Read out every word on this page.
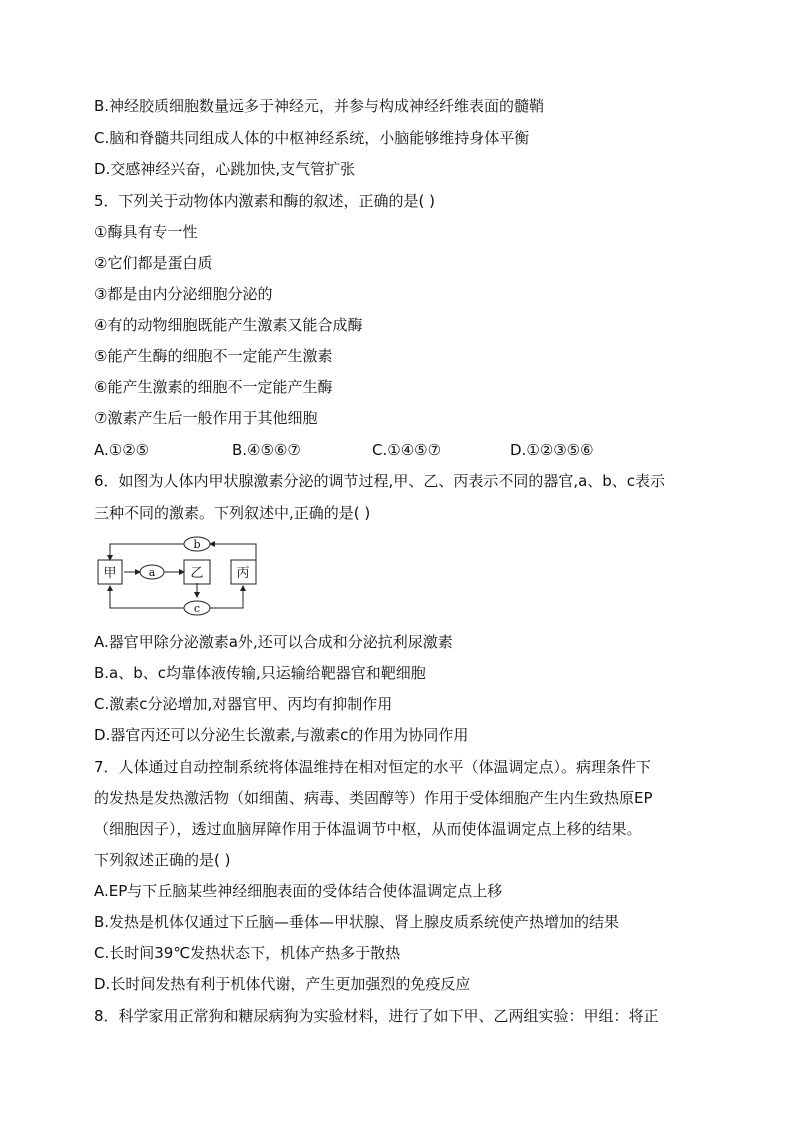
B.神经胶质细胞数量远多于神经元，并参与构成神经纤维表面的髓鞘
C.脑和脊髓共同组成人体的中枢神经系统，小脑能够维持身体平衡
D.交感神经兴奋，心跳加快,支气管扩张
5．下列关于动物体内激素和酶的叙述，正确的是( )
①酶具有专一性
②它们都是蛋白质
③都是由内分泌细胞分泌的
④有的动物细胞既能产生激素又能合成酶
⑤能产生酶的细胞不一定能产生激素
⑥能产生激素的细胞不一定能产生酶
⑦激素产生后一般作用于其他细胞
A.①②⑤	B.④⑤⑥⑦	C.①④⑤⑦	D.①②③⑤⑥
6．如图为人体内甲状腺激素分泌的调节过程,甲、乙、丙表示不同的器官,a、b、c表示
三种不同的激素。下列叙述中,正确的是( )
甲	乙	丙
a
b
c
A.器官甲除分泌激素a外,还可以合成和分泌抗利尿激素
B.a、b、c均靠体液传输,只运输给靶器官和靶细胞
C.激素c分泌增加,对器官甲、丙均有抑制作用
D.器官丙还可以分泌生长激素,与激素c的作用为协同作用
7．人体通过自动控制系统将体温维持在相对恒定的水平（体温调定点）。病理条件下
的发热是发热激活物（如细菌、病毒、类固醇等）作用于受体细胞产生内生致热原EP
（细胞因子），透过血脑屏障作用于体温调节中枢，从而使体温调定点上移的结果。
下列叙述正确的是( )
A.EP与下丘脑某些神经细胞表面的受体结合使体温调定点上移
B.发热是机体仅通过下丘脑—垂体—甲状腺、肾上腺皮质系统使产热增加的结果
C.长时间39℃发热状态下，机体产热多于散热
D.长时间发热有利于机体代谢，产生更加强烈的免疫反应
8．科学家用正常狗和糖尿病狗为实验材料，进行了如下甲、乙两组实验：甲组：将正
